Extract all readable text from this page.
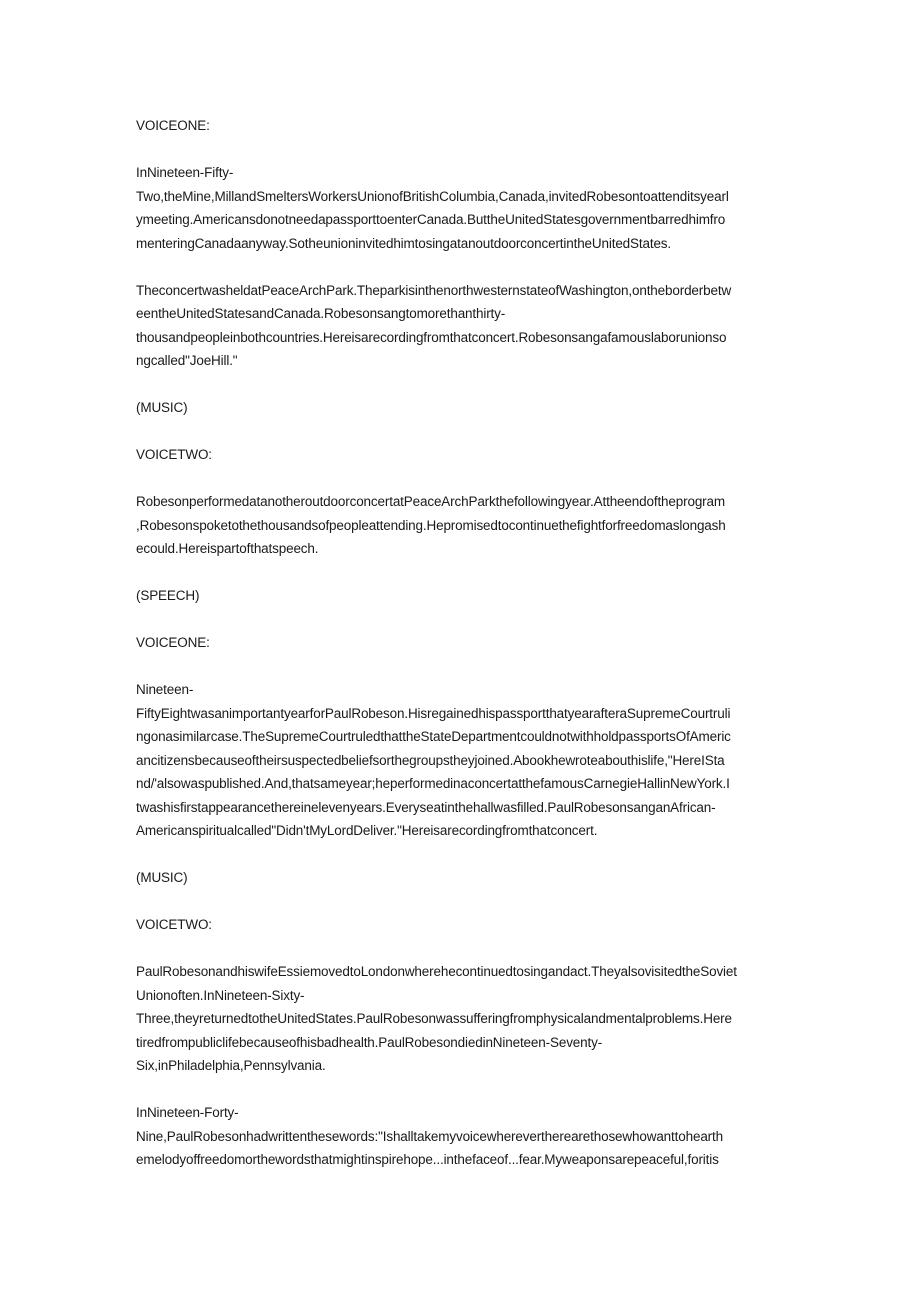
VOICEONE:
InNineteen-Fifty-
Two,theMine,MillandSmeltersWorkersUnionofBritishColumbia,Canada,invitedRobesontoattenditsyearl
ymeeting.AmericansdonotneedapassporttoenterCanada.ButtheUnitedStatesgovernmentbarredhimfro
menteringCanadaanyway.SotheunioninvitedhimtosingatanoutdoorconcertintheUnitedStates.
TheconcertwasheldatPeaceArchPark.TheparkisinthenorthwesternstateofWashington,ontheborderbetw
eentheUnitedStatesandCanada.Robesonsangtomorethanthirty-
thousandpeopleinbothcountries.Hereisarecordingfromthatconcert.Robesonsangafamouslaborunionso
ngcalled"JoeHill."
(MUSIC)
VOICETWO:
RobesonperformedatanotheroutdoorconcertatPeaceArchParkthefollowingyear.Attheendoftheprogram
,Robesonspoketothethousandsofpeopleattending.Hepromisedtocontinuethefightforfreedomaslongash
ecould.Hereispartofthatspeech.
(SPEECH)
VOICEONE:
Nineteen-
FiftyEightwasanimportantyearforPaulRobeson.HisregainedhispassportthatyearafteraSupremeCourtruli
ngonasimilarcase.TheSupremeCourtruledthattheStateDepartmentcouldnotwithholdpassportsOfAmeric
ancitizensbecauseoftheirsuspectedbeliefsorthegroupstheyjoined.Abookhewroteabouthislife,"HereISta
nd/'alsowaspublished.And,thatsameyear;heperformedinaconcertatthefamousCarnegieHallinNewYork.I
twashisfirstappearancethereinelevenyears.Everyseatinthehallwasfilled.PaulRobesonsanganAfrican-
Americanspiritualcalled"Didn'tMyLordDeliver."Hereisarecordingfromthatconcert.
(MUSIC)
VOICETWO:
PaulRobesonandhiswifeEssiemovedtoLondonwherehecontinuedtosingandact.TheyalsovisitedtheSoviet
Unionoften.InNineteen-Sixty-
Three,theyreturnedtotheUnitedStates.PaulRobesonwassufferingfromphysicalandmentalproblems.Here
tiredfrompubliclifebecauseofhisbadhealth.PaulRobesondiedinNineteen-Seventy-
Six,inPhiladelphia,Pennsylvania.
InNineteen-Forty-
Nine,PaulRobesonhadwrittenthesewords:"Ishalltakemyvoicewherevertherearethosewhowanttohearth
emelodyoffreedomorthewordsthatmightinspirehope...inthefaceof...fear.Myweaponsarepeaceful,foritis
